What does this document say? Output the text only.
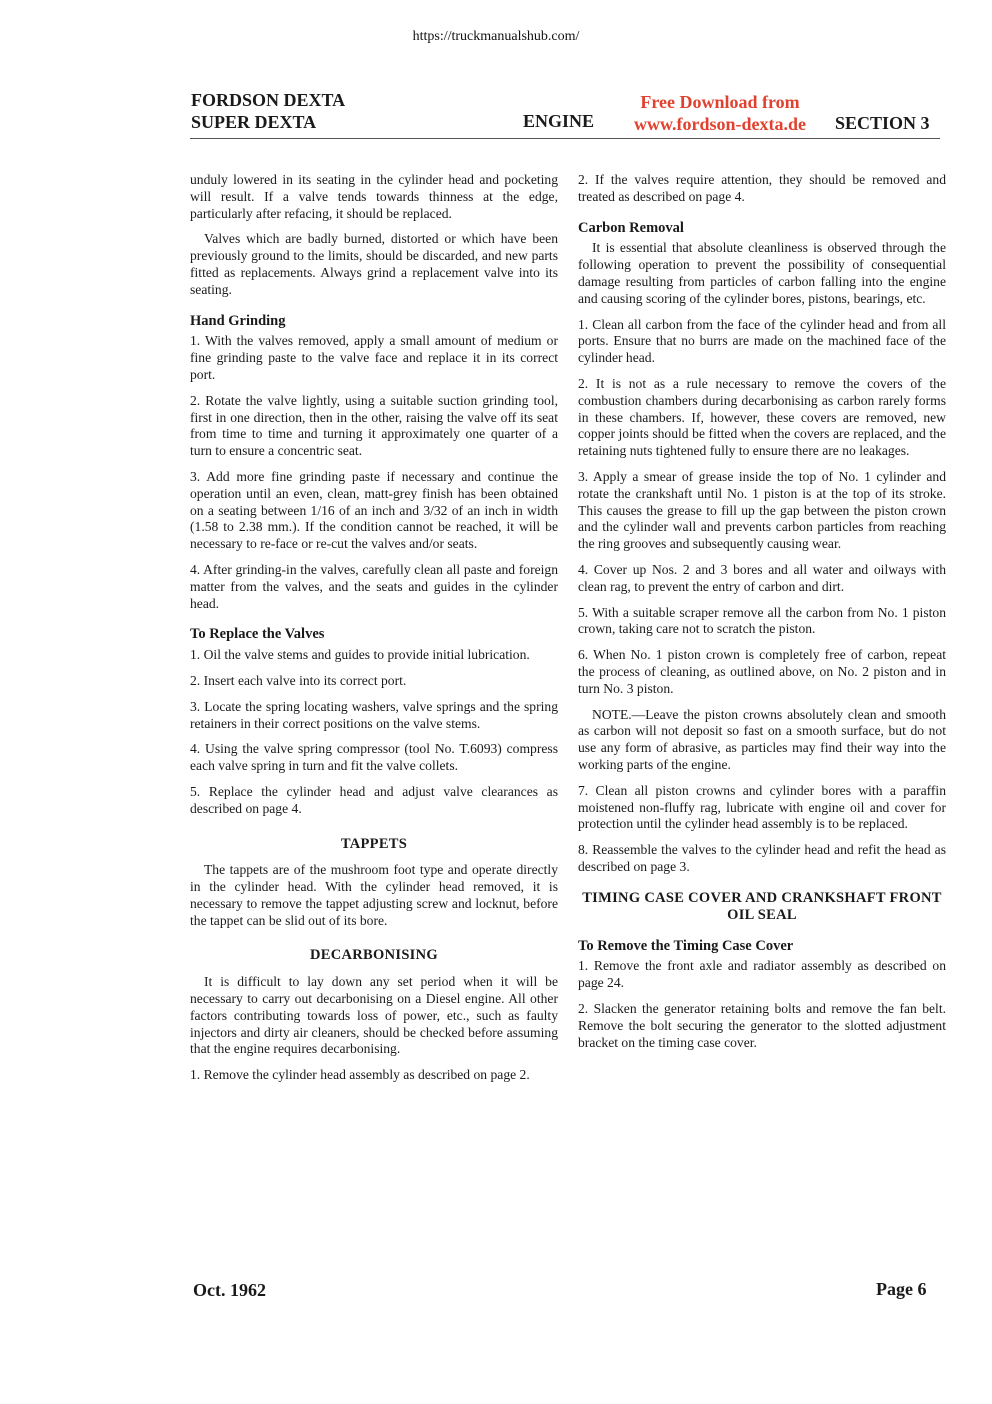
https://truckmanualshub.com/
FORDSON DEXTA
SUPER DEXTA	ENGINE
Free Download from
www.fordson-dexta.de	SECTION 3

unduly lowered in its seating in the cylinder head and pocketing will result. If a valve tends towards thinness at the edge, particularly after refacing, it should be replaced.

Valves which are badly burned, distorted or which have been previously ground to the limits, should be discarded, and new parts fitted as replacements. Always grind a replacement valve into its seating.

Hand Grinding

1. With the valves removed, apply a small amount of medium or fine grinding paste to the valve face and replace it in its correct port.

2. Rotate the valve lightly, using a suitable suction grinding tool, first in one direction, then in the other, raising the valve off its seat from time to time and turning it approximately one quarter of a turn to ensure a concentric seat.

3. Add more fine grinding paste if necessary and continue the operation until an even, clean, matt-grey finish has been obtained on a seating between 1/16 of an inch and 3/32 of an inch in width (1.58 to 2.38 mm.). If the condition cannot be reached, it will be necessary to re-face or re-cut the valves and/or seats.

4. After grinding-in the valves, carefully clean all paste and foreign matter from the valves, and the seats and guides in the cylinder head.

To Replace the Valves

1. Oil the valve stems and guides to provide initial lubrication.

2. Insert each valve into its correct port.

3. Locate the spring locating washers, valve springs and the spring retainers in their correct positions on the valve stems.

4. Using the valve spring compressor (tool No. T.6093) compress each valve spring in turn and fit the valve collets.

5. Replace the cylinder head and adjust valve clearances as described on page 4.

TAPPETS

The tappets are of the mushroom foot type and operate directly in the cylinder head. With the cylinder head removed, it is necessary to remove the tappet adjusting screw and locknut, before the tappet can be slid out of its bore.

DECARBONISING

It is difficult to lay down any set period when it will be necessary to carry out decarbonising on a Diesel engine. All other factors contributing towards loss of power, etc., such as faulty injectors and dirty air cleaners, should be checked before assuming that the engine requires decarbonising.

1. Remove the cylinder head assembly as described on page 2.

2. If the valves require attention, they should be removed and treated as described on page 4.

Carbon Removal

It is essential that absolute cleanliness is observed through the following operation to prevent the possibility of consequential damage resulting from particles of carbon falling into the engine and causing scoring of the cylinder bores, pistons, bearings, etc.

1. Clean all carbon from the face of the cylinder head and from all ports. Ensure that no burrs are made on the machined face of the cylinder head.

2. It is not as a rule necessary to remove the covers of the combustion chambers during decarbonising as carbon rarely forms in these chambers. If, however, these covers are removed, new copper joints should be fitted when the covers are replaced, and the retaining nuts tightened fully to ensure there are no leakages.

3. Apply a smear of grease inside the top of No. 1 cylinder and rotate the crankshaft until No. 1 piston is at the top of its stroke. This causes the grease to fill up the gap between the piston crown and the cylinder wall and prevents carbon particles from reaching the ring grooves and subsequently causing wear.

4. Cover up Nos. 2 and 3 bores and all water and oilways with clean rag, to prevent the entry of carbon and dirt.

5. With a suitable scraper remove all the carbon from No. 1 piston crown, taking care not to scratch the piston.

6. When No. 1 piston crown is completely free of carbon, repeat the process of cleaning, as outlined above, on No. 2 piston and in turn No. 3 piston.

NOTE.—Leave the piston crowns absolutely clean and smooth as carbon will not deposit so fast on a smooth surface, but do not use any form of abrasive, as particles may find their way into the working parts of the engine.

7. Clean all piston crowns and cylinder bores with a paraffin moistened non-fluffy rag, lubricate with engine oil and cover for protection until the cylinder head assembly is to be replaced.

8. Reassemble the valves to the cylinder head and refit the head as described on page 3.

TIMING CASE COVER AND CRANKSHAFT FRONT OIL SEAL
To Remove the Timing Case Cover

1. Remove the front axle and radiator assembly as described on page 24.

2. Slacken the generator retaining bolts and remove the fan belt. Remove the bolt securing the generator to the slotted adjustment bracket on the timing case cover.

Oct. 1962	Page 6
